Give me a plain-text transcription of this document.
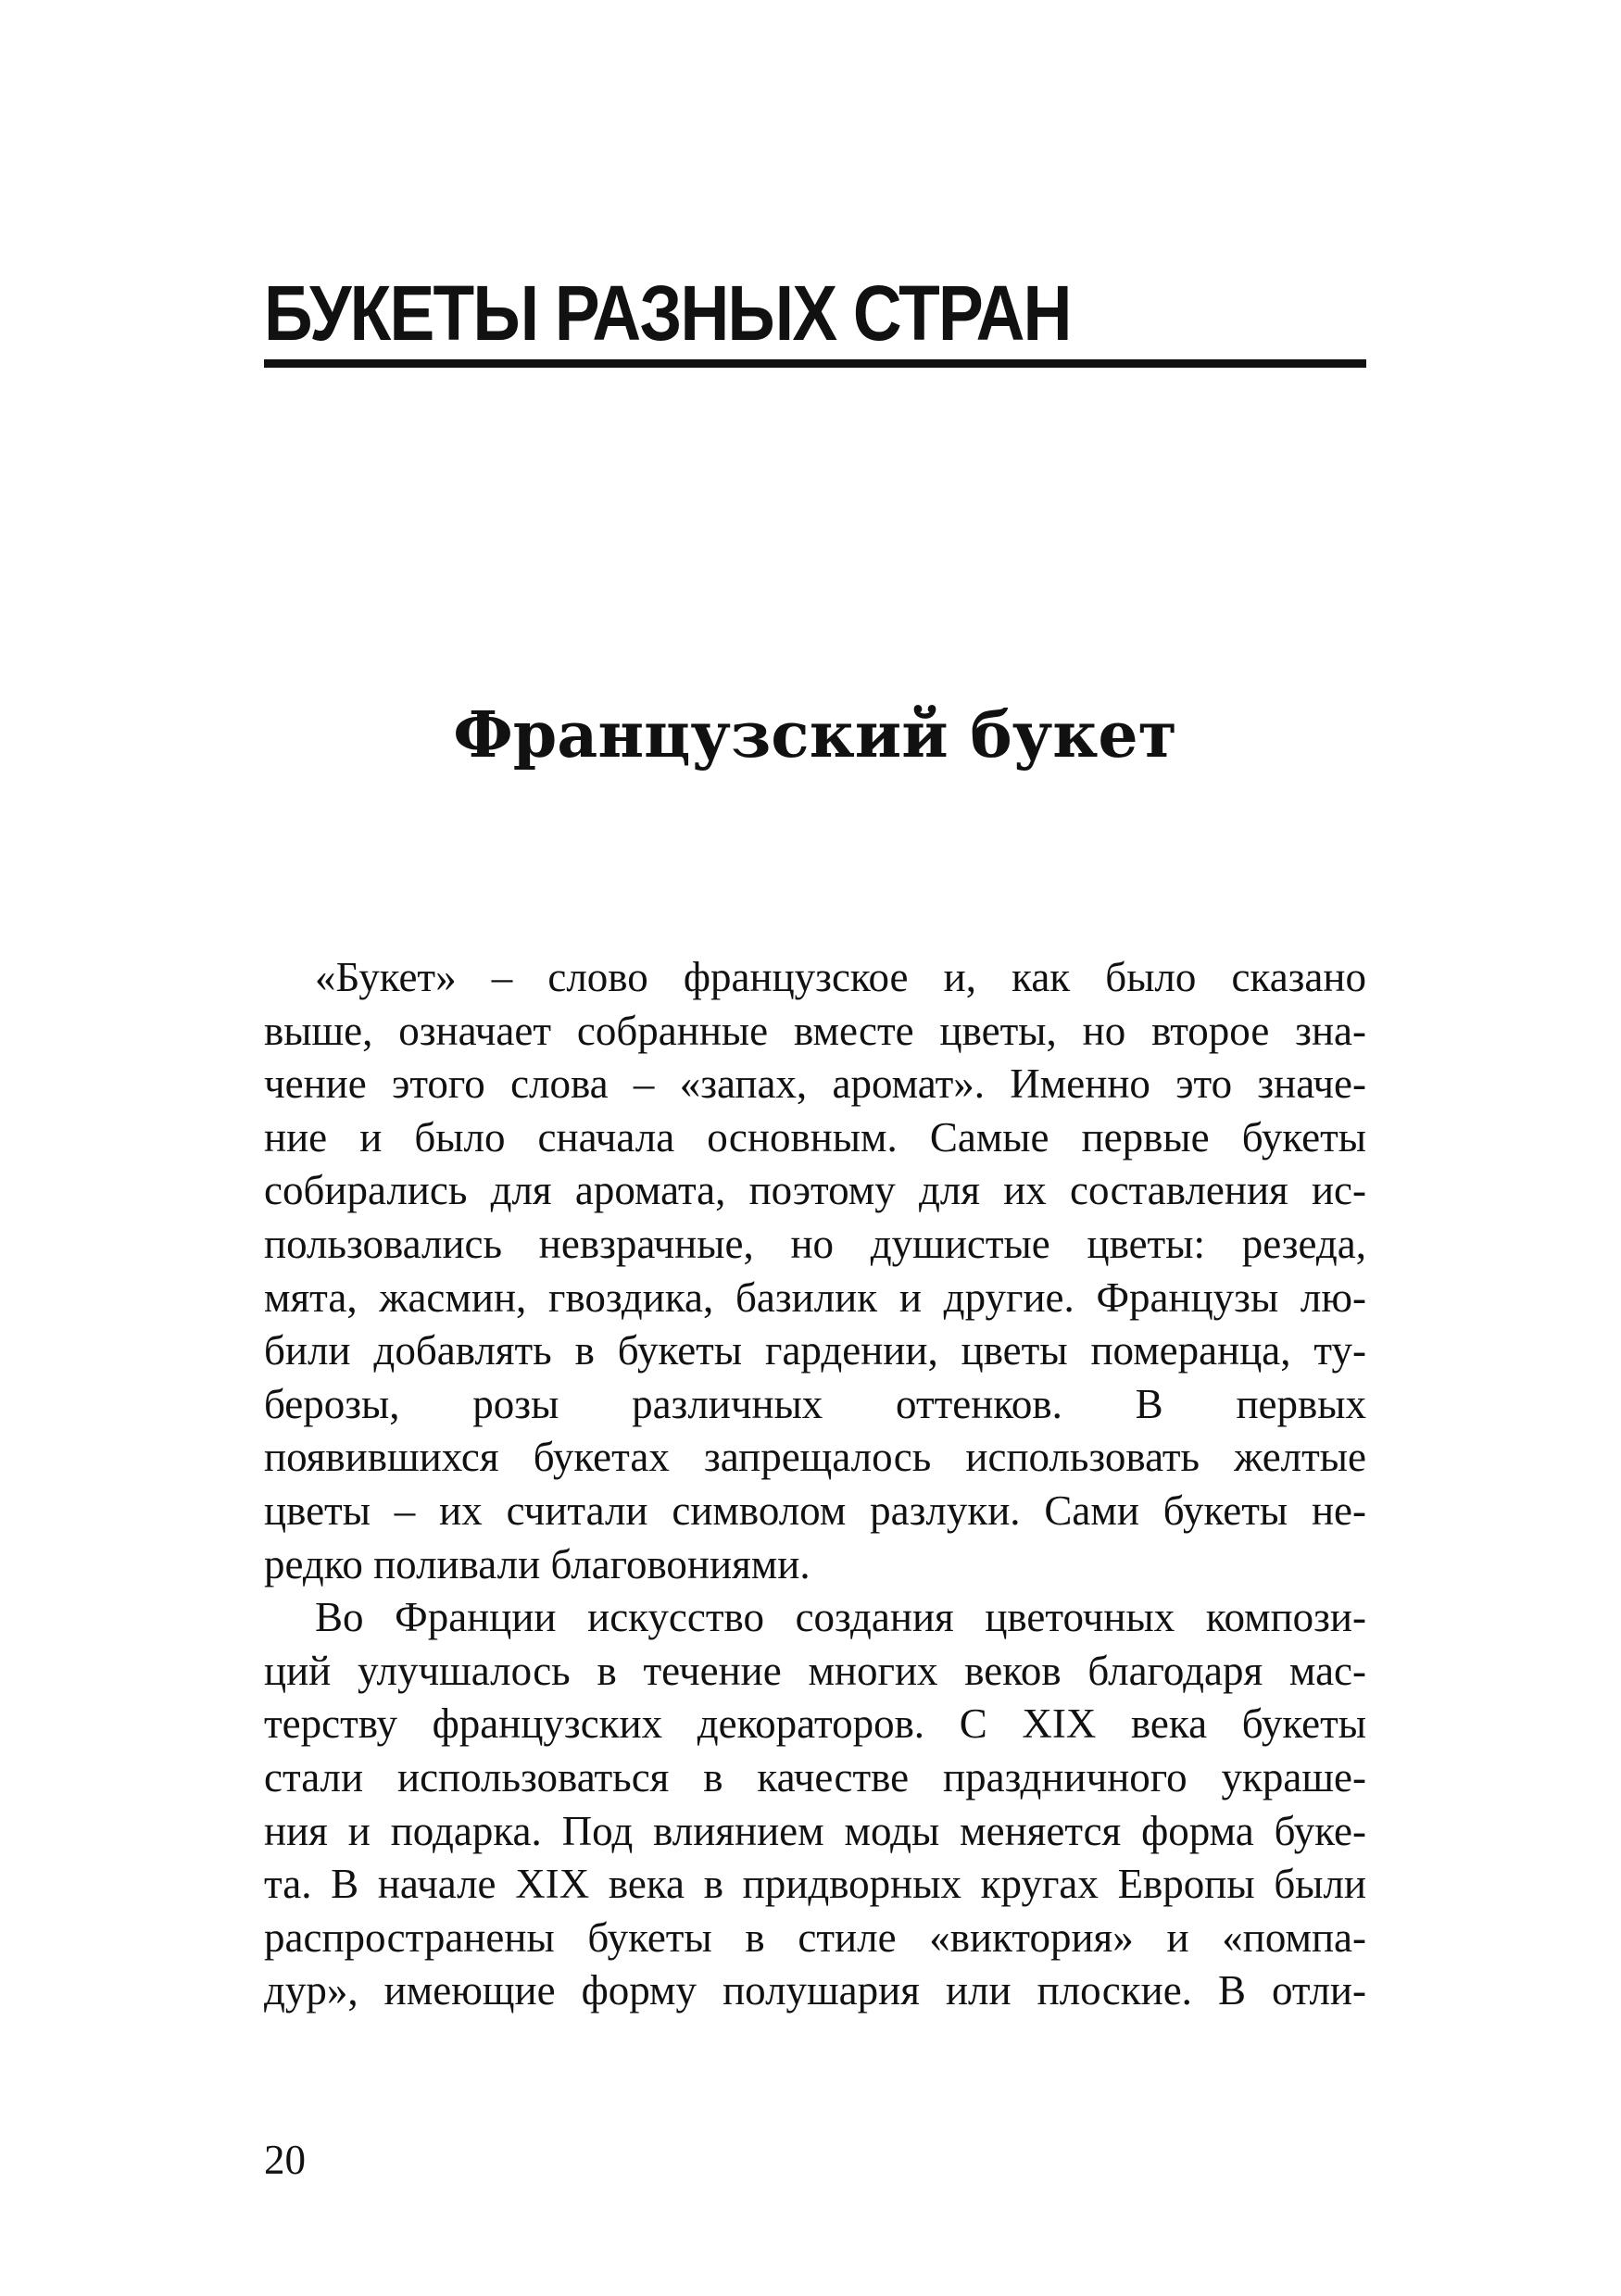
БУКЕТЫ РАЗНЫХ СТРАН
Французский букет
«Букет» – слово французское и, как было сказано
выше, означает собранные вместе цветы, но второе зна-
чение этого слова – «запах, аромат». Именно это значе-
ние и было сначала основным. Самые первые букеты
собирались для аромата, поэтому для их составления ис-
пользовались невзрачные, но душистые цветы: резеда,
мята, жасмин, гвоздика, базилик и другие. Французы лю-
били добавлять в букеты гардении, цветы померанца, ту-
берозы, розы различных оттенков. В первых
появившихся букетах запрещалось использовать желтые
цветы – их считали символом разлуки. Сами букеты не-
редко поливали благовониями.
Во Франции искусство создания цветочных компози-
ций улучшалось в течение многих веков благодаря мас-
терству французских декораторов. С XIX века букеты
стали использоваться в качестве праздничного украше-
ния и подарка. Под влиянием моды меняется форма буке-
та. В начале XIX века в придворных кругах Европы были
распространены букеты в стиле «виктория» и «помпа-
дур», имеющие форму полушария или плоские. В отли-

20
